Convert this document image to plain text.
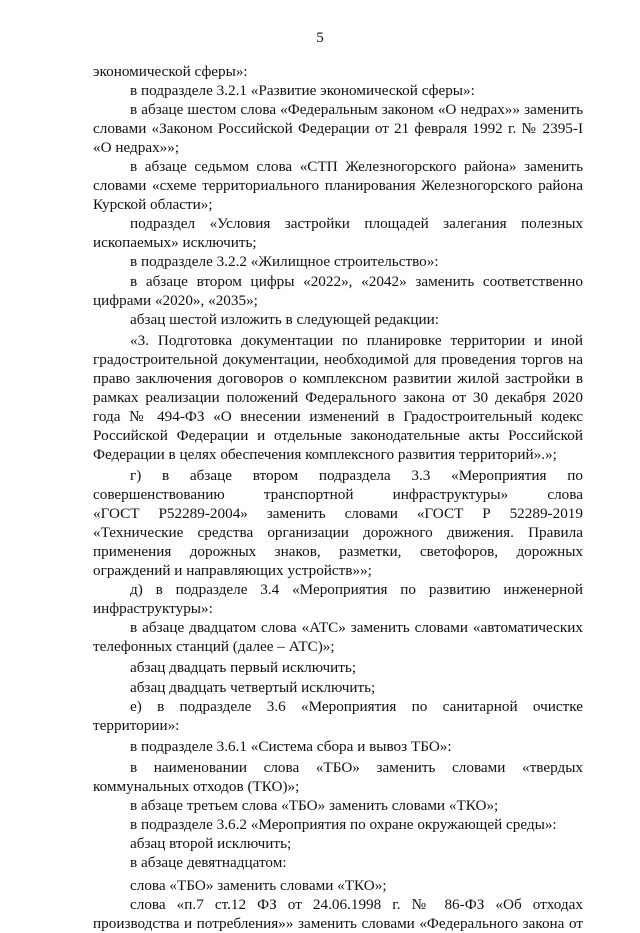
5
экономической сферы»:
в подразделе 3.2.1 «Развитие экономической сферы»:
в абзаце шестом слова «Федеральным законом «О недрах»» заменить
словами «Законом Российской Федерации от 21 февраля 1992 г. № 2395-I
«О недрах»»;
в абзаце седьмом слова «СТП Железногорского района» заменить
словами «схеме территориального планирования Железногорского района
Курской области»;
подраздел «Условия застройки площадей залегания полезных
ископаемых» исключить;
в подразделе 3.2.2 «Жилищное строительство»:
в абзаце втором цифры «2022», «2042» заменить соответственно
цифрами «2020», «2035»;
абзац шестой изложить в следующей редакции:
«3. Подготовка документации по планировке территории и иной
градостроительной документации, необходимой для проведения торгов на
право заключения договоров о комплексном развитии жилой застройки в
рамках реализации положений Федерального закона от 30 декабря 2020
года № 494-ФЗ «О внесении изменений в Градостроительный кодекс
Российской Федерации и отдельные законодательные акты Российской
Федерации в целях обеспечения комплексного развития территорий».»;
г) в абзаце втором подраздела 3.3 «Мероприятия по
совершенствованию транспортной инфраструктуры» слова
«ГОСТ Р52289-2004» заменить словами «ГОСТ Р 52289-2019
«Технические средства организации дорожного движения. Правила
применения дорожных знаков, разметки, светофоров, дорожных
ограждений и направляющих устройств»»;
д) в подразделе 3.4 «Мероприятия по развитию инженерной
инфраструктуры»:
в абзаце двадцатом слова «АТС» заменить словами «автоматических
телефонных станций (далее – АТС)»;
абзац двадцать первый исключить;
абзац двадцать четвертый исключить;
е) в подразделе 3.6 «Мероприятия по санитарной очистке
территории»:
в подразделе 3.6.1 «Система сбора и вывоз ТБО»:
в наименовании слова «ТБО» заменить словами «твердых
коммунальных отходов (ТКО)»;
в абзаце третьем слова «ТБО» заменить словами «ТКО»;
в подразделе 3.6.2 «Мероприятия по охране окружающей среды»:
абзац второй исключить;
в абзаце девятнадцатом:
слова «ТБО» заменить словами «ТКО»;
слова «п.7 ст.12 ФЗ от 24.06.1998 г. № 86-ФЗ «Об отходах
производства и потребления»» заменить словами «Федерального закона от
